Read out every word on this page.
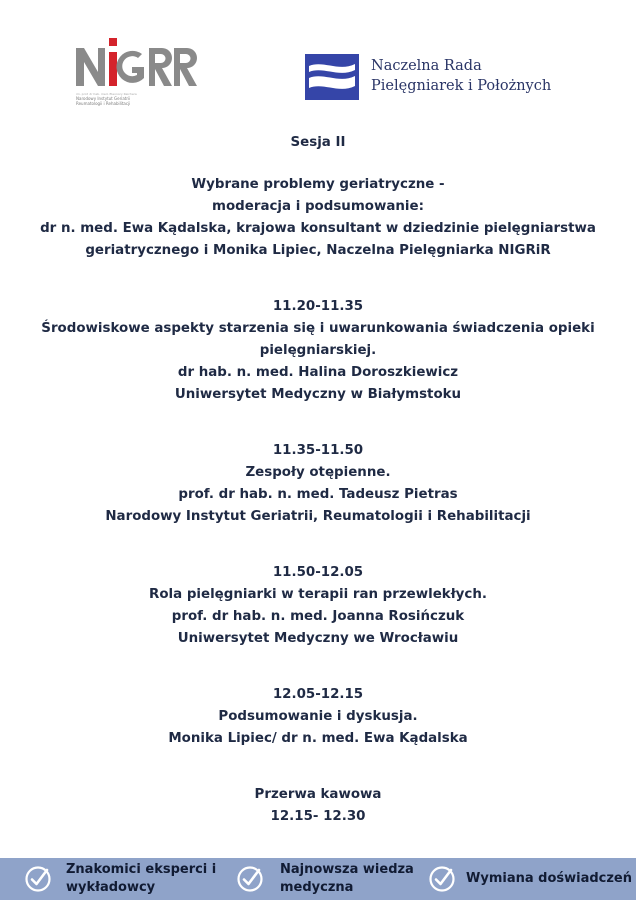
NIGRR
im. prof. dr hab. med. Eleonory Reichera
Narodowy Instytut Geriatrii
Reumatologii i Rehabilitacji
Naczelna Rada
Pielęgniarek i Położnych
Sesja II
Wybrane problemy geriatryczne -
moderacja i podsumowanie:
dr n. med. Ewa Kądalska, krajowa konsultant w dziedzinie pielęgniarstwa
geriatrycznego i Monika Lipiec, Naczelna Pielęgniarka NIGRiR
11.20-11.35
Środowiskowe aspekty starzenia się i uwarunkowania świadczenia opieki
pielęgniarskiej.
dr hab. n. med. Halina Doroszkiewicz
Uniwersytet Medyczny w Białymstoku
11.35-11.50
Zespoły otępienne.
prof. dr hab. n. med. Tadeusz Pietras
Narodowy Instytut Geriatrii, Reumatologii i Rehabilitacji
11.50-12.05
Rola pielęgniarki w terapii ran przewlekłych.
prof. dr hab. n. med. Joanna Rosińczuk
Uniwersytet Medyczny we Wrocławiu
12.05-12.15
Podsumowanie i dyskusja.
Monika Lipiec/ dr n. med. Ewa Kądalska
Przerwa kawowa
12.15- 12.30
Znakomici eksperci i
wykładowcy
Najnowsza wiedza
medyczna
Wymiana doświadczeń
